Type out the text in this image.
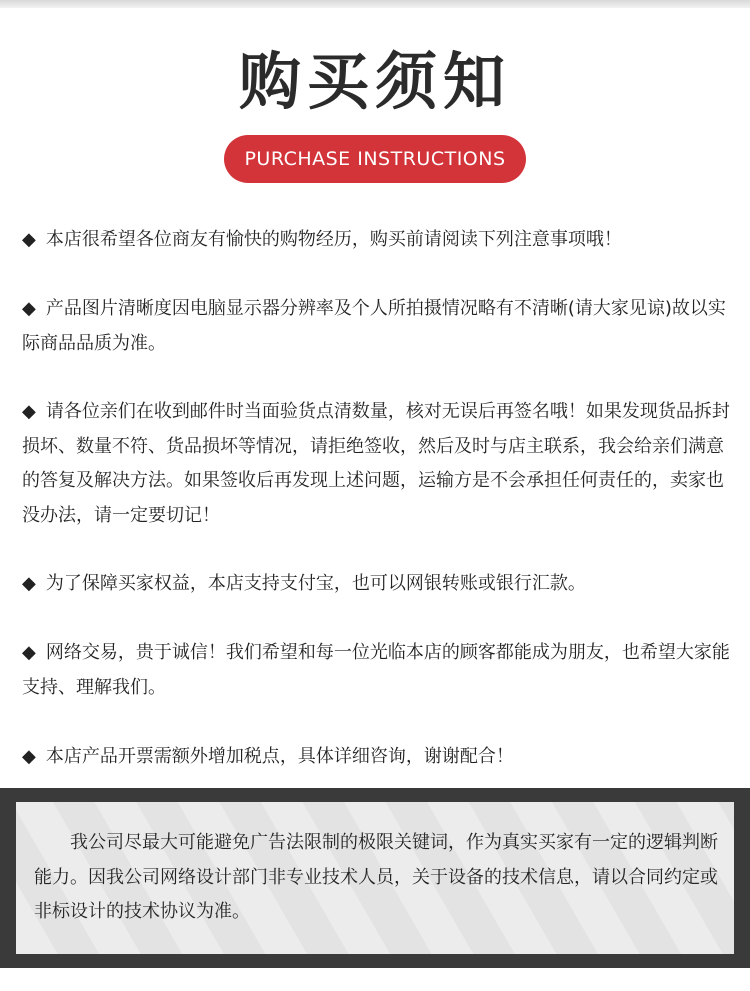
购买须知
PURCHASE INSTRUCTIONS
◆ 本店很希望各位商友有愉快的购物经历，购买前请阅读下列注意事项哦！
◆ 产品图片清晰度因电脑显示器分辨率及个人所拍摄情况略有不清晰(请大家见谅)故以实际商品品质为准。
◆ 请各位亲们在收到邮件时当面验货点清数量，核对无误后再签名哦！如果发现货品拆封损坏、数量不符、货品损坏等情况，请拒绝签收，然后及时与店主联系，我会给亲们满意的答复及解决方法。如果签收后再发现上述问题，运输方是不会承担任何责任的，卖家也没办法，请一定要切记！
◆ 为了保障买家权益，本店支持支付宝，也可以网银转账或银行汇款。
◆ 网络交易，贵于诚信！我们希望和每一位光临本店的顾客都能成为朋友，也希望大家能支持、理解我们。
◆ 本店产品开票需额外增加税点，具体详细咨询，谢谢配合！
我公司尽最大可能避免广告法限制的极限关键词，作为真实买家有一定的逻辑判断能力。因我公司网络设计部门非专业技术人员，关于设备的技术信息，请以合同约定或非标设计的技术协议为准。
